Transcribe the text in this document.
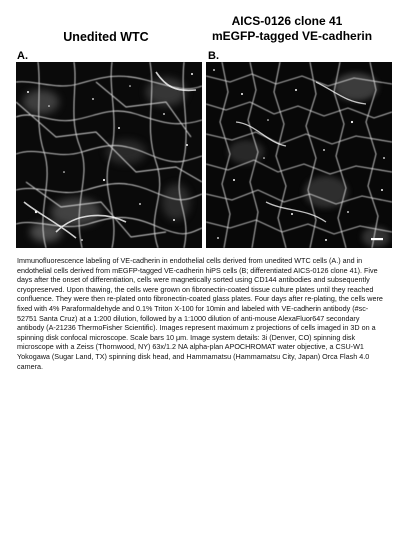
Unedited WTC
AICS-0126 clone 41
mEGFP-tagged VE-cadherin
A.	B.
Immunofluorescence labeling of VE-cadherin in endothelial cells derived from unedited WTC cells (A.) and in endothelial cells derived from mEGFP-tagged VE-cadherin hiPS cells (B; differentiated AICS-0126 clone 41). Five days after the onset of differentiation, cells were magnetically sorted using CD144 antibodies and subsequently cryopreserved. Upon thawing, the cells were grown on fibronectin-coated tissue culture plates until they reached confluence. They were then re-plated onto fibronectin-coated glass plates. Four days after re-plating, the cells were fixed with 4% Paraformaldehyde and 0.1% Triton X-100 for 10min and labeled with VE-cadherin antibody (#sc-52751 Santa Cruz) at a 1:200 dilution, followed by a 1:1000 dilution of anti-mouse AlexaFluor647 secondary antibody (A-21236 ThermoFisher Scientific). Images represent maximum z projections of cells imaged in 3D on a spinning disk confocal microscope. Scale bars 10 μm. Image system details: 3i (Denver, CO) spinning disk microscope with a Zeiss (Thornwood, NY) 63x/1.2 NA alpha-plan APOCHROMAT water objective, a CSU-W1 Yokogawa (Sugar Land, TX) spinning disk head, and Hammamatsu (Hammamatsu City, Japan) Orca Flash 4.0 camera.
